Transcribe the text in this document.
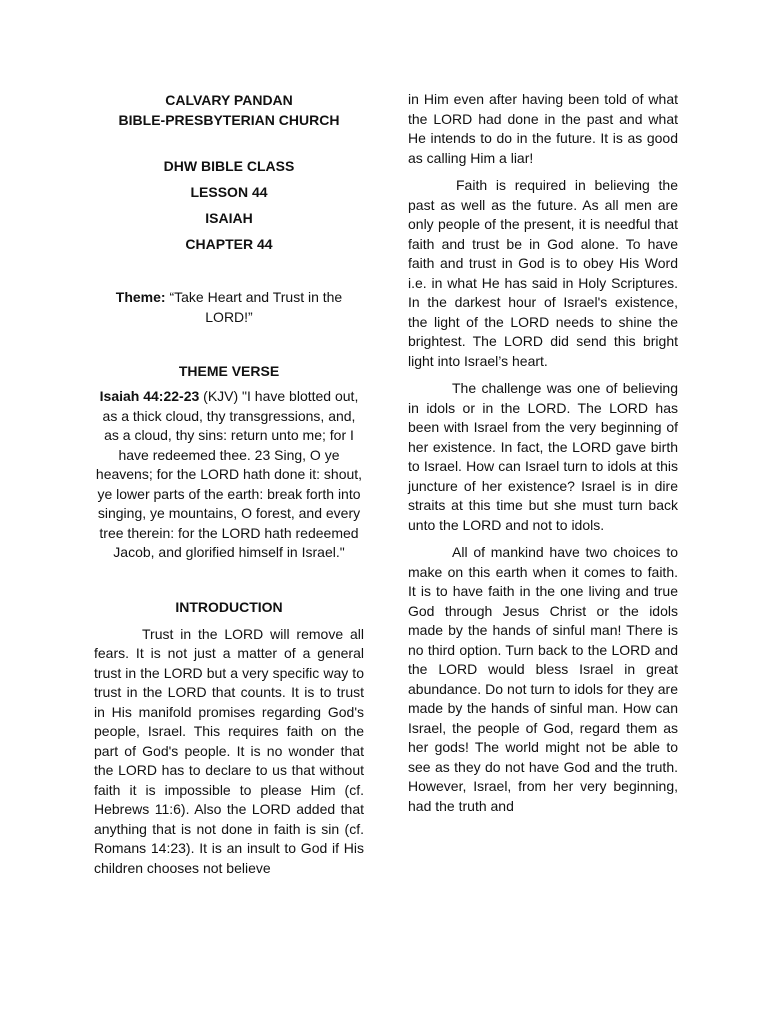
CALVARY PANDAN

BIBLE-PRESBYTERIAN CHURCH

DHW BIBLE CLASS

LESSON 44

ISAIAH

CHAPTER 44

Theme: “Take Heart and Trust in the LORD!”

THEME VERSE

Isaiah 44:22-23 (KJV) "I have blotted out, as a thick cloud, thy transgressions, and, as a cloud, thy sins: return unto me; for I have redeemed thee. 23 Sing, O ye heavens; for the LORD hath done it: shout, ye lower parts of the earth: break forth into singing, ye mountains, O forest, and every tree therein: for the LORD hath redeemed Jacob, and glorified himself in Israel."

INTRODUCTION

Trust in the LORD will remove all fears. It is not just a matter of a general trust in the LORD but a very specific way to trust in the LORD that counts. It is to trust in His manifold promises regarding God's people, Israel. This requires faith on the part of God's people. It is no wonder that the LORD has to declare to us that without faith it is impossible to please Him (cf. Hebrews 11:6). Also the LORD added that anything that is not done in faith is sin (cf. Romans 14:23). It is an insult to God if His children chooses not believe

in Him even after having been told of what the LORD had done in the past and what He intends to do in the future. It is as good as calling Him a liar!

Faith is required in believing the past as well as the future. As all men are only people of the present, it is needful that faith and trust be in God alone. To have faith and trust in God is to obey His Word i.e. in what He has said in Holy Scriptures. In the darkest hour of Israel's existence, the light of the LORD needs to shine the brightest. The LORD did send this bright light into Israel’s heart.

The challenge was one of believing in idols or in the LORD. The LORD has been with Israel from the very beginning of her existence. In fact, the LORD gave birth to Israel. How can Israel turn to idols at this juncture of her existence? Israel is in dire straits at this time but she must turn back unto the LORD and not to idols.

All of mankind have two choices to make on this earth when it comes to faith. It is to have faith in the one living and true God through Jesus Christ or the idols made by the hands of sinful man! There is no third option. Turn back to the LORD and the LORD would bless Israel in great abundance. Do not turn to idols for they are made by the hands of sinful man. How can Israel, the people of God, regard them as her gods! The world might not be able to see as they do not have God and the truth. However, Israel, from her very beginning, had the truth and
